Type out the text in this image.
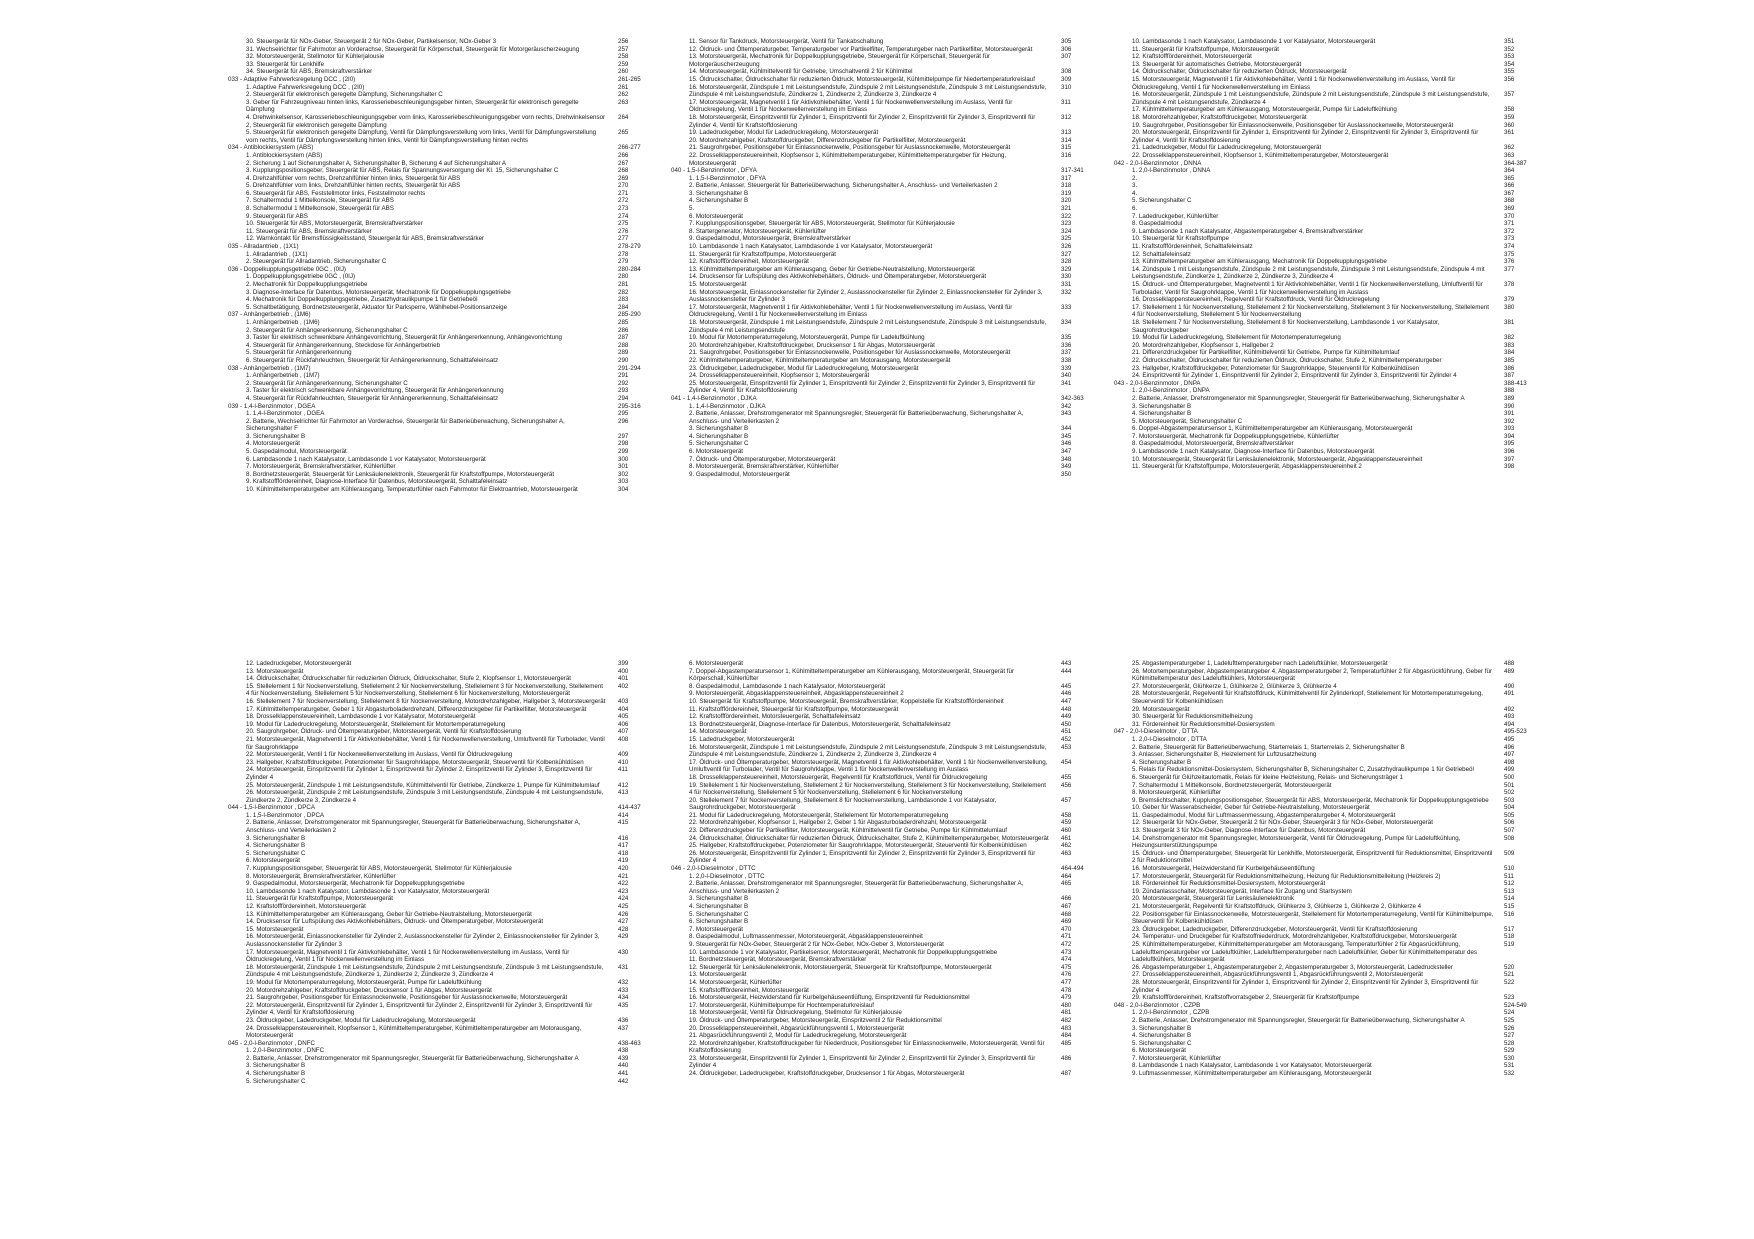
30. Steuergerät für NOx-Geber, Steuergerät 2 für NOx-Geber, Partikelsensor, NOx-Geber 3	256
31. Wechselrichter für Fahrmotor an Vorderachse, Steuergerät für Körperschall, Steuergerät für Motorgeräuscherzeugung	257
32. Motorsteuergerät, Stellmotor für Kühlerjalousie	258
33. Steuergerät für Lenkhilfe	259
34. Steuergerät für ABS, Bremskraftverstärker	260
033 - Adaptive Fahrwerksregelung DCC , (2I0)	261-265
1. Adaptive Fahrwerksregelung DCC , (2I0)	261
2. Steuergerät für elektronisch geregelte Dämpfung, Sicherungshalter C	262
3. Geber für Fahrzeugniveau hinten links, Karosseriebeschleunigungsgeber hinten, Steuergerät für elektronisch geregelte Dämpfung
263
4. Drehwinkelsensor, Karosseriebeschleunigungsgeber vorn links, Karosseriebeschleunigungsgeber vorn rechts, Drehwinkelsensor 2, Steuergerät für elektronisch geregelte Dämpfung
264
5. Steuergerät für elektronisch geregelte Dämpfung, Ventil für Dämpfungsverstellung vorn links, Ventil für Dämpfungsverstellung vorn rechts, Ventil für Dämpfungsverstellung hinten links, Ventil für Dämpfungsverstellung hinten rechts
265
034 - Antiblockiersystem (ABS)	266-277
1. Antiblockiersystem (ABS)	266
2. Sicherung 1 auf Sicherungshalter A, Sicherungshalter B, Sicherung 4 auf Sicherungshalter A	267
3. Kupplungspositionsgeber, Steuergerät für ABS, Relais für Spannungsversorgung der Kl. 15, Sicherungshalter C	268
4. Drehzahlfühler vorn rechts, Drehzahlfühler hinten links, Steuergerät für ABS	269
5. Drehzahlfühler vorn links, Drehzahlfühler hinten rechts, Steuergerät für ABS	270
6. Steuergerät für ABS, Feststellmotor links, Feststellmotor rechts	271
7. Schaltermodul 1 Mittelkonsole, Steuergerät für ABS	272
8. Schaltermodul 1 Mittelkonsole, Steuergerät für ABS	273
9. Steuergerät für ABS	274
10. Steuergerät für ABS, Motorsteuergerät, Bremskraftverstärker	275
11. Steuergerät für ABS, Bremskraftverstärker	276
12. Warnkontakt für Bremsflüssigkeitsstand, Steuergerät für ABS, Bremskraftverstärker	277
035 - Allradantrieb , (1X1)	278-279
1. Allradantrieb , (1X1)	278
2. Steuergerät für Allradantrieb, Sicherungshalter C	279
036 - Doppelkupplungsgetriebe 0GC , (0IJ)	280-284
1. Doppelkupplungsgetriebe 0GC , (0IJ)	280
2. Mechatronik für Doppelkupplungsgetriebe	281
3. Diagnose-Interface für Datenbus, Motorsteuergerät, Mechatronik für Doppelkupplungsgetriebe	282
4. Mechatronik für Doppelkupplungsgetriebe, Zusatzhydraulikpumpe 1 für Getriebeöl	283
5. Schaltbetätigung, Bordnetzsteuergerät, Aktuator für Parksperre, Wählhebel-Positionsanzeige	284
037 - Anhängerbetrieb , (1M6)	285-290
1. Anhängerbetrieb , (1M6)	285
2. Steuergerät für Anhängererkennung, Sicherungshalter C	286
3. Taster für elektrisch schwenkbare Anhängevorrichtung, Steuergerät für Anhängererkennung, Anhängevorrichtung	287
4. Steuergerät für Anhängererkennung, Steckdose für Anhängerbetrieb	288
5. Steuergerät für Anhängererkennung	289
6. Steuergerät für Rückfahrleuchten, Steuergerät für Anhängererkennung, Schalttafeleinsatz	290
038 - Anhängerbetrieb , (1M7)	291-294
1. Anhängerbetrieb , (1M7)	291
2. Steuergerät für Anhängererkennung, Sicherungshalter C	292
3. Taster für elektrisch schwenkbare Anhängevorrichtung, Steuergerät für Anhängererkennung	293
4. Steuergerät für Rückfahrleuchten, Steuergerät für Anhängererkennung, Schalttafeleinsatz	294
039 - 1,4-l-Benzinmotor , DGEA	295-316
1. 1,4-l-Benzinmotor , DGEA	295
2. Batterie, Wechselrichter für Fahrmotor an Vorderachse, Steuergerät für Batterieüberwachung, Sicherungshalter A, Sicherungshalter F
296
3. Sicherungshalter B	297
4. Motorsteuergerät	298
5. Gaspedalmodul, Motorsteuergerät	299
6. Lambdasonde 1 nach Katalysator, Lambdasonde 1 vor Katalysator, Motorsteuergerät	300
7. Motorsteuergerät, Bremskraftverstärker, Kühlerlüfter	301
8. Bordnetzsteuergerät, Steuergerät für Lenksäulenelektronik, Steuergerät für Kraftstoffpumpe, Motorsteuergerät	302
9. Kraftstofffördereinheit, Diagnose-Interface für Datenbus, Motorsteuergerät, Schalttafeleinsatz	303
10. Kühlmitteltemperaturgeber am Kühlerausgang, Temperaturfühler nach Fahrmotor für Elektroantrieb, Motorsteuergerät	304
11. Sensor für Tankdruck, Motorsteuergerät, Ventil für Tankabschaltung	305
12. Öldruck- und Öltemperaturgeber, Temperaturgeber vor Partikelfilter, Temperaturgeber nach Partikelfilter, Motorsteuergerät	306
13. Motorsteuergerät, Mechatronik für Doppelkupplungsgetriebe, Steuergerät für Körperschall, Steuergerät für Motorgeräuscherzeugung
307
14. Motorsteuergerät, Kühlmittelventil für Getriebe, Umschaltventil 2 für Kühlmittel	308
15. Öldruckschalter, Öldruckschalter für reduzierten Öldruck, Motorsteuergerät, Kühlmittelpumpe für Niedertemperaturkreislauf	309
16. Motorsteuergerät, Zündspule 1 mit Leistungsendstufe, Zündspule 2 mit Leistungsendstufe, Zündspule 3 mit Leistungsendstufe, Zündspule 4 mit Leistungsendstufe, Zündkerze 1, Zündkerze 2, Zündkerze 3, Zündkerze 4
310
17. Motorsteuergerät, Magnetventil 1 für Aktivkohlebehälter, Ventil 1 für Nockenwellenverstellung im Auslass, Ventil für Öldruckregelung, Ventil 1 für Nockenwellenverstellung im Einlass
311
18. Motorsteuergerät, Einspritzventil für Zylinder 1, Einspritzventil für Zylinder 2, Einspritzventil für Zylinder 3, Einspritzventil für Zylinder 4, Ventil für Kraftstoffdosierung
312
19. Ladedruckgeber, Modul für Ladedruckregelung, Motorsteuergerät	313
20. Motordrehzahlgeber, Kraftstoffdruckgeber, Differenzdruckgeber für Partikelfilter, Motorsteuergerät	314
21. Saugrohrgeber, Positionsgeber für Einlassnockenwelle, Positionsgeber für Auslassnockenwelle, Motorsteuergerät	315
22. Drosselklappensteuereinheit, Klopfsensor 1, Kühlmitteltemperaturgeber, Kühlmitteltemperaturgeber für Heizung, Motorsteuergerät
316
040 - 1,5-l-Benzinmotor , DFYA	317-341
1. 1,5-l-Benzinmotor , DFYA	317
2. Batterie, Anlasser, Steuergerät für Batterieüberwachung, Sicherungshalter A, Anschluss- und Verteilerkasten 2	318
3. Sicherungshalter B	319
4. Sicherungshalter B	320
5.	321
6. Motorsteuergerät	322
7. Kupplungspositionsgeber, Steuergerät für ABS, Motorsteuergerät, Stellmotor für Kühlerjalousie	323
8. Startergenerator, Motorsteuergerät, Kühlerlüfter	324
9. Gaspedalmodul, Motorsteuergerät, Bremskraftverstärker	325
10. Lambdasonde 1 nach Katalysator, Lambdasonde 1 vor Katalysator, Motorsteuergerät	326
11. Steuergerät für Kraftstoffpumpe, Motorsteuergerät	327
12. Kraftstofffördereinheit, Motorsteuergerät	328
13. Kühlmitteltemperaturgeber am Kühlerausgang, Geber für Getriebe-Neutralstellung, Motorsteuergerät	329
14. Drucksensor für Luftspülung des Aktivkohlebehälters, Öldruck- und Öltemperaturgeber, Motorsteuergerät	330
15. Motorsteuergerät	331
16. Motorsteuergerät, Einlassnockensteller für Zylinder 2, Auslassnockensteller für Zylinder 2, Einlassnockensteller für Zylinder 3, Auslassnockensteller für Zylinder 3
332
17. Motorsteuergerät, Magnetventil 1 für Aktivkohlebehälter, Ventil 1 für Nockenwellenverstellung im Auslass, Ventil für Öldruckregelung, Ventil 1 für Nockenwellenverstellung im Einlass
333
18. Motorsteuergerät, Zündspule 1 mit Leistungsendstufe, Zündspule 2 mit Leistungsendstufe, Zündspule 3 mit Leistungsendstufe, Zündspule 4 mit Leistungsendstufe
334
19. Modul für Motortemperaturregelung, Motorsteuergerät, Pumpe für Ladeluftkühlung	335
20. Motordrehzahlgeber, Kraftstoffdruckgeber, Drucksensor 1 für Abgas, Motorsteuergerät	336
21. Saugrohrgeber, Positionsgeber für Einlassnockenwelle, Positionsgeber für Auslassnockenwelle, Motorsteuergerät	337
22. Kühlmitteltemperaturgeber, Kühlmitteltemperaturgeber am Motorausgang, Motorsteuergerät	338
23. Öldruckgeber, Ladedruckgeber, Modul für Ladedruckregelung, Motorsteuergerät	339
24. Drosselklappensteuereinheit, Klopfsensor 1, Motorsteuergerät	340
25. Motorsteuergerät, Einspritzventil für Zylinder 1, Einspritzventil für Zylinder 2, Einspritzventil für Zylinder 3, Einspritzventil für Zylinder 4, Ventil für Kraftstoffdosierung
341
041 - 1,4-l-Benzinmotor , DJKA	342-363
1. 1,4-l-Benzinmotor , DJKA	342
2. Batterie, Anlasser, Drehstromgenerator mit Spannungsregler, Steuergerät für Batterieüberwachung, Sicherungshalter A, Anschluss- und Verteilerkasten 2
343
3. Sicherungshalter B	344
4. Sicherungshalter B	345
5. Sicherungshalter C	346
6. Motorsteuergerät	347
7. Öldruck- und Öltemperaturgeber, Motorsteuergerät	348
8. Motorsteuergerät, Bremskraftverstärker, Kühlerlüfter	349
9. Gaspedalmodul, Motorsteuergerät	350
10. Lambdasonde 1 nach Katalysator, Lambdasonde 1 vor Katalysator, Motorsteuergerät	351
11. Steuergerät für Kraftstoffpumpe, Motorsteuergerät	352
12. Kraftstofffördereinheit, Motorsteuergerät	353
13. Steuergerät für automatisches Getriebe, Motorsteuergerät	354
14. Öldruckschalter, Öldruckschalter für reduzierten Öldruck, Motorsteuergerät	355
15. Motorsteuergerät, Magnetventil 1 für Aktivkohlebehälter, Ventil 1 für Nockenwellenverstellung im Auslass, Ventil für Öldruckregelung, Ventil 1 für Nockenwellenverstellung im Einlass
356
16. Motorsteuergerät, Zündspule 1 mit Leistungsendstufe, Zündspule 2 mit Leistungsendstufe, Zündspule 3 mit Leistungsendstufe, Zündspule 4 mit Leistungsendstufe, Zündkerze 4
357
17. Kühlmitteltemperaturgeber am Kühlerausgang, Motorsteuergerät, Pumpe für Ladeluftkühlung	358
18. Motordrehzahlgeber, Kraftstoffdruckgeber, Motorsteuergerät	359
19. Saugrohrgeber, Positionsgeber für Einlassnockenwelle, Positionsgeber für Auslassnockenwelle, Motorsteuergerät	360
20. Motorsteuergerät, Einspritzventil für Zylinder 1, Einspritzventil für Zylinder 2, Einspritzventil für Zylinder 3, Einspritzventil für Zylinder 4, Ventil für Kraftstoffdosierung
361
21. Ladedruckgeber, Modul für Ladedruckregelung, Motorsteuergerät	362
22. Drosselklappensteuereinheit, Klopfsensor 1, Kühlmitteltemperaturgeber, Motorsteuergerät	363
042 - 2,0-l-Benzinmotor , DNNA	364-387
1. 2,0-l-Benzinmotor , DNNA	364
2.	365
3.	366
4.	367
5. Sicherungshalter C	368
6.	369
7. Ladedruckgeber, Kühlerlüfter	370
8. Gaspedalmodul	371
9. Lambdasonde 1 nach Katalysator, Abgastemperaturgeber 4, Bremskraftverstärker	372
10. Steuergerät für Kraftstoffpumpe	373
11. Kraftstofffördereinheit, Schalttafeleinsatz	374
12. Schalttafeleinsatz	375
13. Kühlmitteltemperaturgeber am Kühlerausgang, Mechatronik für Doppelkupplungsgetriebe	376
14. Zündspule 1 mit Leistungsendstufe, Zündspule 2 mit Leistungsendstufe, Zündspule 3 mit Leistungsendstufe, Zündspule 4 mit Leistungsendstufe, Zündkerze 1, Zündkerze 2, Zündkerze 3, Zündkerze 4
377
15. Öldruck- und Öltemperaturgeber, Magnetventil 1 für Aktivkohlebehälter, Ventil 1 für Nockenwellenverstellung, Umluftventil für Turbolader, Ventil für Saugrohrklappe, Ventil 1 für Nockenwellenverstellung im Auslass
378
16. Drosselklappensteuereinheit, Regelventil für Kraftstoffdruck, Ventil für Öldruckregelung	379
17. Stellelement 1 für Nockenverstellung, Stellelement 2 für Nockenverstellung, Stellelement 3 für Nockenverstellung, Stellelement 4 für Nockenverstellung, Stellelement 5 für Nockenverstellung
380
18. Stellelement 7 für Nockenverstellung, Stellelement 8 für Nockenverstellung, Lambdasonde 1 vor Katalysator, Saugrohrdruckgeber
381
19. Modul für Ladedruckregelung, Stellelement für Motortemperaturregelung	382
20. Motordrehzahlgeber, Klopfsensor 1, Hallgeber 2	383
21. Differenzdruckgeber für Partikelfilter, Kühlmittelventil für Getriebe, Pumpe für Kühlmittelumlauf	384
22. Öldruckschalter, Öldruckschalter für reduzierten Öldruck, Öldruckschalter, Stufe 2, Kühlmitteltemperaturgeber	385
23. Hallgeber, Kraftstoffdruckgeber, Potenziometer für Saugrohrklappe, Steuerventil für Kolbenkühldüsen	386
24. Einspritzventil für Zylinder 1, Einspritzventil für Zylinder 2, Einspritzventil für Zylinder 3, Einspritzventil für Zylinder 4	387
043 - 2,0-l-Benzinmotor , DNPA	388-413
1. 2,0-l-Benzinmotor , DNPA	388
2. Batterie, Anlasser, Drehstromgenerator mit Spannungsregler, Steuergerät für Batterieüberwachung, Sicherungshalter A	389
3. Sicherungshalter B	390
4. Sicherungshalter B	391
5. Motorsteuergerät, Sicherungshalter C	392
6. Doppel-Abgastemperatursensor 1, Kühlmitteltemperaturgeber am Kühlerausgang, Motorsteuergerät	393
7. Motorsteuergerät, Mechatronik für Doppelkupplungsgetriebe, Kühlerlüfter	394
8. Gaspedalmodul, Motorsteuergerät, Bremskraftverstärker	395
9. Lambdasonde 1 nach Katalysator, Diagnose-Interface für Datenbus, Motorsteuergerät	396
10. Motorsteuergerät, Steuergerät für Lenksäulenelektronik, Motorsteuergerät, Abgasklappensteuereinheit	397
11. Steuergerät für Kraftstoffpumpe, Motorsteuergerät, Abgasklappensteuereinheit 2	398
12. Ladedruckgeber, Motorsteuergerät	399
13. Motorsteuergerät	400
14. Öldruckschalter, Öldruckschalter für reduzierten Öldruck, Öldruckschalter, Stufe 2, Klopfsensor 1, Motorsteuergerät	401
15. Stellelement 1 für Nockenverstellung, Stellelement 2 für Nockenverstellung, Stellelement 3 für Nockenverstellung, Stellelement 4 für Nockenverstellung, Stellelement 5 für Nockenverstellung, Stellelement 6 für Nockenverstellung, Motorsteuergerät
402
16. Stellelement 7 für Nockenverstellung, Stellelement 8 für Nockenverstellung, Motordrehzahlgeber, Hallgeber 3, Motorsteuergerät	403
17. Kühlmitteltemperaturgeber, Geber 1 für Abgasturboladerdrehzahl, Differenzdruckgeber für Partikelfilter, Motorsteuergerät	404
18. Drosselklappensteuereinheit, Lambdasonde 1 vor Katalysator, Motorsteuergerät	405
19. Modul für Ladedruckregelung, Motorsteuergerät, Stellelement für Motortemperaturregelung	406
20. Saugrohrgeber, Öldruck- und Öltemperaturgeber, Motorsteuergerät, Ventil für Kraftstoffdosierung	407
21. Motorsteuergerät, Magnetventil 1 für Aktivkohlebehälter, Ventil 1 für Nockenwellenverstellung, Umluftventil für Turbolader, Ventil für Saugrohrklappe
408
22. Motorsteuergerät, Ventil 1 für Nockenwellenverstellung im Auslass, Ventil für Öldruckregelung	409
23. Hallgeber, Kraftstoffdruckgeber, Potenziometer für Saugrohrklappe, Motorsteuergerät, Steuerventil für Kolbenkühldüsen	410
24. Motorsteuergerät, Einspritzventil für Zylinder 1, Einspritzventil für Zylinder 2, Einspritzventil für Zylinder 3, Einspritzventil für Zylinder 4
411
25. Motorsteuergerät, Zündspule 1 mit Leistungsendstufe, Kühlmittelventil für Getriebe, Zündkerze 1, Pumpe für Kühlmittelumlauf	412
26. Motorsteuergerät, Zündspule 2 mit Leistungsendstufe, Zündspule 3 mit Leistungsendstufe, Zündspule 4 mit Leistungsendstufe, Zündkerze 2, Zündkerze 3, Zündkerze 4
413
044 - 1,5-l-Benzinmotor , DPCA	414-437
1. 1,5-l-Benzinmotor , DPCA	414
2. Batterie, Anlasser, Drehstromgenerator mit Spannungsregler, Steuergerät für Batterieüberwachung, Sicherungshalter A, Anschluss- und Verteilerkasten 2
415
3. Sicherungshalter B	416
4. Sicherungshalter B	417
5. Sicherungshalter C	418
6. Motorsteuergerät	419
7. Kupplungspositionsgeber, Steuergerät für ABS, Motorsteuergerät, Stellmotor für Kühlerjalousie	420
8. Motorsteuergerät, Bremskraftverstärker, Kühlerlüfter	421
9. Gaspedalmodul, Motorsteuergerät, Mechatronik für Doppelkupplungsgetriebe	422
10. Lambdasonde 1 nach Katalysator, Lambdasonde 1 vor Katalysator, Motorsteuergerät	423
11. Steuergerät für Kraftstoffpumpe, Motorsteuergerät	424
12. Kraftstofffördereinheit, Motorsteuergerät	425
13. Kühlmitteltemperaturgeber am Kühlerausgang, Geber für Getriebe-Neutralstellung, Motorsteuergerät	426
14. Drucksensor für Luftspülung des Aktivkohlebehälters, Öldruck- und Öltemperaturgeber, Motorsteuergerät	427
15. Motorsteuergerät	428
16. Motorsteuergerät, Einlassnockensteller für Zylinder 2, Auslassnockensteller für Zylinder 2, Einlassnockensteller für Zylinder 3, Auslassnockensteller für Zylinder 3
429
17. Motorsteuergerät, Magnetventil 1 für Aktivkohlebehälter, Ventil 1 für Nockenwellenverstellung im Auslass, Ventil für Öldruckregelung, Ventil 1 für Nockenwellenverstellung im Einlass
430
18. Motorsteuergerät, Zündspule 1 mit Leistungsendstufe, Zündspule 2 mit Leistungsendstufe, Zündspule 3 mit Leistungsendstufe, Zündspule 4 mit Leistungsendstufe, Zündkerze 1, Zündkerze 2, Zündkerze 3, Zündkerze 4
431
19. Modul für Motortemperaturregelung, Motorsteuergerät, Pumpe für Ladeluftkühlung	432
20. Motordrehzahlgeber, Kraftstoffdruckgeber, Drucksensor 1 für Abgas, Motorsteuergerät	433
21. Saugrohrgeber, Positionsgeber für Einlassnockenwelle, Positionsgeber für Auslassnockenwelle, Motorsteuergerät	434
22. Motorsteuergerät, Einspritzventil für Zylinder 1, Einspritzventil für Zylinder 2, Einspritzventil für Zylinder 3, Einspritzventil für Zylinder 4, Ventil für Kraftstoffdosierung
435
23. Öldruckgeber, Ladedruckgeber, Modul für Ladedruckregelung, Motorsteuergerät	436
24. Drosselklappensteuereinheit, Klopfsensor 1, Kühlmitteltemperaturgeber, Kühlmitteltemperaturgeber am Motorausgang, Motorsteuergerät
437
045 - 2,0-l-Benzinmotor , DNFC	438-463
1. 2,0-l-Benzinmotor , DNFC	438
2. Batterie, Anlasser, Drehstromgenerator mit Spannungsregler, Steuergerät für Batterieüberwachung, Sicherungshalter A	439
3. Sicherungshalter B	440
4. Sicherungshalter B	441
5. Sicherungshalter C	442
6. Motorsteuergerät	443
7. Doppel-Abgastemperatursensor 1, Kühlmitteltemperaturgeber am Kühlerausgang, Motorsteuergerät, Steuergerät für Körperschall, Kühlerlüfter
444
8. Gaspedalmodul, Lambdasonde 1 nach Katalysator, Motorsteuergerät	445
9. Motorsteuergerät, Abgasklappensteuereinheit, Abgasklappensteuereinheit 2	446
10. Steuergerät für Kraftstoffpumpe, Motorsteuergerät, Bremskraftverstärker, Koppelstelle für Kraftstofffördereinheit	447
11. Kraftstofffördereinheit, Steuergerät für Kraftstoffpumpe, Motorsteuergerät	448
12. Kraftstofffördereinheit, Motorsteuergerät, Schalttafeleinsatz	449
13. Bordnetzsteuergerät, Diagnose-Interface für Datenbus, Motorsteuergerät, Schalttafeleinsatz	450
14. Motorsteuergerät	451
15. Ladedruckgeber, Motorsteuergerät	452
16. Motorsteuergerät, Zündspule 1 mit Leistungsendstufe, Zündspule 2 mit Leistungsendstufe, Zündspule 3 mit Leistungsendstufe, Zündspule 4 mit Leistungsendstufe, Zündkerze 1, Zündkerze 2, Zündkerze 3, Zündkerze 4
453
17. Öldruck- und Öltemperaturgeber, Motorsteuergerät, Magnetventil 1 für Aktivkohlebehälter, Ventil 1 für Nockenwellenverstellung, Umluftventil für Turbolader, Ventil für Saugrohrklappe, Ventil 1 für Nockenwellenverstellung im Auslass
454
18. Drosselklappensteuereinheit, Motorsteuergerät, Regelventil für Kraftstoffdruck, Ventil für Öldruckregelung	455
19. Stellelement 1 für Nockenverstellung, Stellelement 2 für Nockenverstellung, Stellelement 3 für Nockenverstellung, Stellelement 4 für Nockenverstellung, Stellelement 5 für Nockenverstellung, Stellelement 6 für Nockenverstellung
456
20. Stellelement 7 für Nockenverstellung, Stellelement 8 für Nockenverstellung, Lambdasonde 1 vor Katalysator, Saugrohrdruckgeber, Motorsteuergerät
457
21. Modul für Ladedruckregelung, Motorsteuergerät, Stellelement für Motortemperaturregelung	458
22. Motordrehzahlgeber, Klopfsensor 1, Hallgeber 2, Geber 1 für Abgasturboladerdrehzahl, Motorsteuergerät	459
23. Differenzdruckgeber für Partikelfilter, Motorsteuergerät, Kühlmittelventil für Getriebe, Pumpe für Kühlmittelumlauf	460
24. Öldruckschalter, Öldruckschalter für reduzierten Öldruck, Öldruckschalter, Stufe 2, Kühlmitteltemperaturgeber, Motorsteuergerät	461
25. Hallgeber, Kraftstoffdruckgeber, Potenziometer für Saugrohrklappe, Motorsteuergerät, Steuerventil für Kolbenkühldüsen	462
26. Motorsteuergerät, Einspritzventil für Zylinder 1, Einspritzventil für Zylinder 2, Einspritzventil für Zylinder 3, Einspritzventil für Zylinder 4
463
046 - 2,0-l-Dieselmotor , DTTC	464-494
1. 2,0-l-Dieselmotor , DTTC	464
2. Batterie, Anlasser, Drehstromgenerator mit Spannungsregler, Steuergerät für Batterieüberwachung, Sicherungshalter A, Anschluss- und Verteilerkasten 2
465
3. Sicherungshalter B	466
4. Sicherungshalter B	467
5. Sicherungshalter C	468
6. Sicherungshalter B	469
7. Motorsteuergerät	470
8. Gaspedalmodul, Luftmassenmesser, Motorsteuergerät, Abgasklappensteuereinheit	471
9. Steuergerät für NOx-Geber, Steuergerät 2 für NOx-Geber, NOx-Geber 3, Motorsteuergerät	472
10. Lambdasonde 1 vor Katalysator, Partikelsensor, Motorsteuergerät, Mechatronik für Doppelkupplungsgetriebe	473
11. Bordnetzsteuergerät, Motorsteuergerät, Bremskraftverstärker	474
12. Steuergerät für Lenksäulenelektronik, Motorsteuergerät, Steuergerät für Kraftstoffpumpe, Motorsteuergerät	475
13. Motorsteuergerät	476
14. Motorsteuergerät, Kühlerlüfter	477
15. Kraftstofffördereinheit, Motorsteuergerät	478
16. Motorsteuergerät, Heizwiderstand für Kurbelgehäuseentlüftung, Einspritzventil für Reduktionsmittel	479
17. Motorsteuergerät, Kühlmittelpumpe für Hochtemperaturkreislauf	480
18. Motorsteuergerät, Ventil für Öldruckregelung, Stellmotor für Kühlerjalousie	481
19. Öldruck- und Öltemperaturgeber, Motorsteuergerät, Einspritzventil 2 für Reduktionsmittel	482
20. Drosselklappensteuereinheit, Abgasrückführungsventil 1, Motorsteuergerät	483
21. Abgasrückführungsventil 2, Modul für Ladedruckregelung, Motorsteuergerät	484
22. Motordrehzahlgeber, Kraftstoffdruckgeber für Niederdruck, Positionsgeber für Einlassnockenwelle, Motorsteuergerät, Ventil für Kraftstoffdosierung
485
23. Motorsteuergerät, Einspritzventil für Zylinder 1, Einspritzventil für Zylinder 2, Einspritzventil für Zylinder 3, Einspritzventil für Zylinder 4
486
24. Öldruckgeber, Ladedruckgeber, Kraftstoffdruckgeber, Drucksensor 1 für Abgas, Motorsteuergerät	487
25. Abgastemperaturgeber 1, Ladelufttemperaturgeber nach Ladeluftkühler, Motorsteuergerät	488
26. Motortemperaturgeber, Abgastemperaturgeber 4, Abgastemperaturgeber 2, Temperaturfühler 2 für Abgasrückführung, Geber für Kühlmitteltemperatur des Ladeluftkühlers, Motorsteuergerät
489
27. Motorsteuergerät, Glühkerze 1, Glühkerze 2, Glühkerze 3, Glühkerze 4	490
28. Motorsteuergerät, Regelventil für Kraftstoffdruck, Kühlmittelventil für Zylinderkopf, Stellelement für Motortemperaturregelung, Steuerventil für Kolbenkühldüsen
491
29. Motorsteuergerät	492
30. Steuergerät für Reduktionsmittelheizung	493
31. Fördereinheit für Reduktionsmittel-Dosiersystem	494
047 - 2,0-l-Dieselmotor , DTTA	495-523
1. 2,0-l-Dieselmotor , DTTA	495
2. Batterie, Steuergerät für Batterieüberwachung, Starterrelais 1, Starterrelais 2, Sicherungshalter B	496
3. Anlasser, Sicherungshalter B, Heizelement für Luftzusatzheizung	497
4. Sicherungshalter B	498
5. Relais für Reduktionsmittel-Dosiersystem, Sicherungshalter B, Sicherungshalter C, Zusatzhydraulikpumpe 1 für Getriebeöl	499
6. Steuergerät für Glühzeitautomatik, Relais für kleine Heizleistung, Relais- und Sicherungsträger 1	500
7. Schaltermodul 1 Mittelkonsole, Bordnetzsteuergerät, Motorsteuergerät	501
8. Motorsteuergerät, Kühlerlüfter	502
9. Bremslichtschalter, Kupplungspositionsgeber, Steuergerät für ABS, Motorsteuergerät, Mechatronik für Doppelkupplungsgetriebe	503
10. Geber für Wasserabscheider, Geber für Getriebe-Neutralstellung, Motorsteuergerät	504
11. Gaspedalmodul, Modul für Luftmassenmessung, Abgastemperaturgeber 4, Motorsteuergerät	505
12. Steuergerät für NOx-Geber, Steuergerät 2 für NOx-Geber, Steuergerät 3 für NOx-Geber, Motorsteuergerät	506
13. Steuergerät 3 für NOx-Geber, Diagnose-Interface für Datenbus, Motorsteuergerät	507
14. Drehstromgenerator mit Spannungsregler, Motorsteuergerät, Ventil für Öldruckregelung, Pumpe für Ladeluftkühlung, Heizungsunterstützungspumpe
508
15. Öldruck- und Öltemperaturgeber, Steuergerät für Lenkhilfe, Motorsteuergerät, Einspritzventil für Reduktionsmittel, Einspritzventil 2 für Reduktionsmittel
509
16. Motorsteuergerät, Heizwiderstand für Kurbelgehäuseentlüftung	510
17. Motorsteuergerät, Steuergerät für Reduktionsmittelheizung, Heizung für Reduktionsmittelleitung (Heizkreis 2)	511
18. Fördereinheit für Reduktionsmittel-Dosiersystem, Motorsteuergerät	512
19. Zündanlassschalter, Motorsteuergerät, Interface für Zugang und Startsystem	513
20. Motorsteuergerät, Steuergerät für Lenksäulenelektronik	514
21. Motorsteuergerät, Regelventil für Kraftstoffdruck, Glühkerze 3, Glühkerze 1, Glühkerze 2, Glühkerze 4	515
22. Positionsgeber für Einlassnockenwelle, Motorsteuergerät, Stellelement für Motortemperaturregelung, Ventil für Kühlmittelpumpe, Steuerventil für Kolbenkühldüsen
516
23. Öldruckgeber, Ladedruckgeber, Differenzdruckgeber, Motorsteuergerät, Ventil für Kraftstoffdosierung	517
24. Temperatur- und Druckgeber für Kraftstoffniederdruck, Motordrehzahlgeber, Kraftstoffdruckgeber, Motorsteuergerät	518
25. Kühlmitteltemperaturgeber, Kühlmitteltemperaturgeber am Motorausgang, Temperaturfühler 2 für Abgasrückführung, Ladelufttemperaturgeber vor Ladeluftkühler, Ladelufttemperaturgeber nach Ladeluftkühler, Geber für Kühlmitteltemperatur des Ladeluftkühlers, Motorsteuergerät
519
26. Abgastemperaturgeber 1, Abgastemperaturgeber 2, Abgastemperaturgeber 3, Motorsteuergerät, Ladedrucksteller	520
27. Drosselklappensteuereinheit, Abgasrückführungsventil 1, Abgasrückführungsventil 2, Motorsteuergerät	521
28. Motorsteuergerät, Einspritzventil für Zylinder 1, Einspritzventil für Zylinder 2, Einspritzventil für Zylinder 3, Einspritzventil für Zylinder 4
522
29. Kraftstofffördereinheit, Kraftstoffvorratsgeber 2, Steuergerät für Kraftstoffpumpe	523
048 - 2,0-l-Benzinmotor , CZPB	524-549
1. 2,0-l-Benzinmotor , CZPB	524
2. Batterie, Anlasser, Drehstromgenerator mit Spannungsregler, Steuergerät für Batterieüberwachung, Sicherungshalter A	525
3. Sicherungshalter B	526
4. Sicherungshalter B	527
5. Sicherungshalter C	528
6. Motorsteuergerät	529
7. Motorsteuergerät, Kühlerlüfter	530
8. Lambdasonde 1 nach Katalysator, Lambdasonde 1 vor Katalysator, Motorsteuergerät	531
9. Luftmassenmesser, Kühlmitteltemperaturgeber am Kühlerausgang, Motorsteuergerät	532
